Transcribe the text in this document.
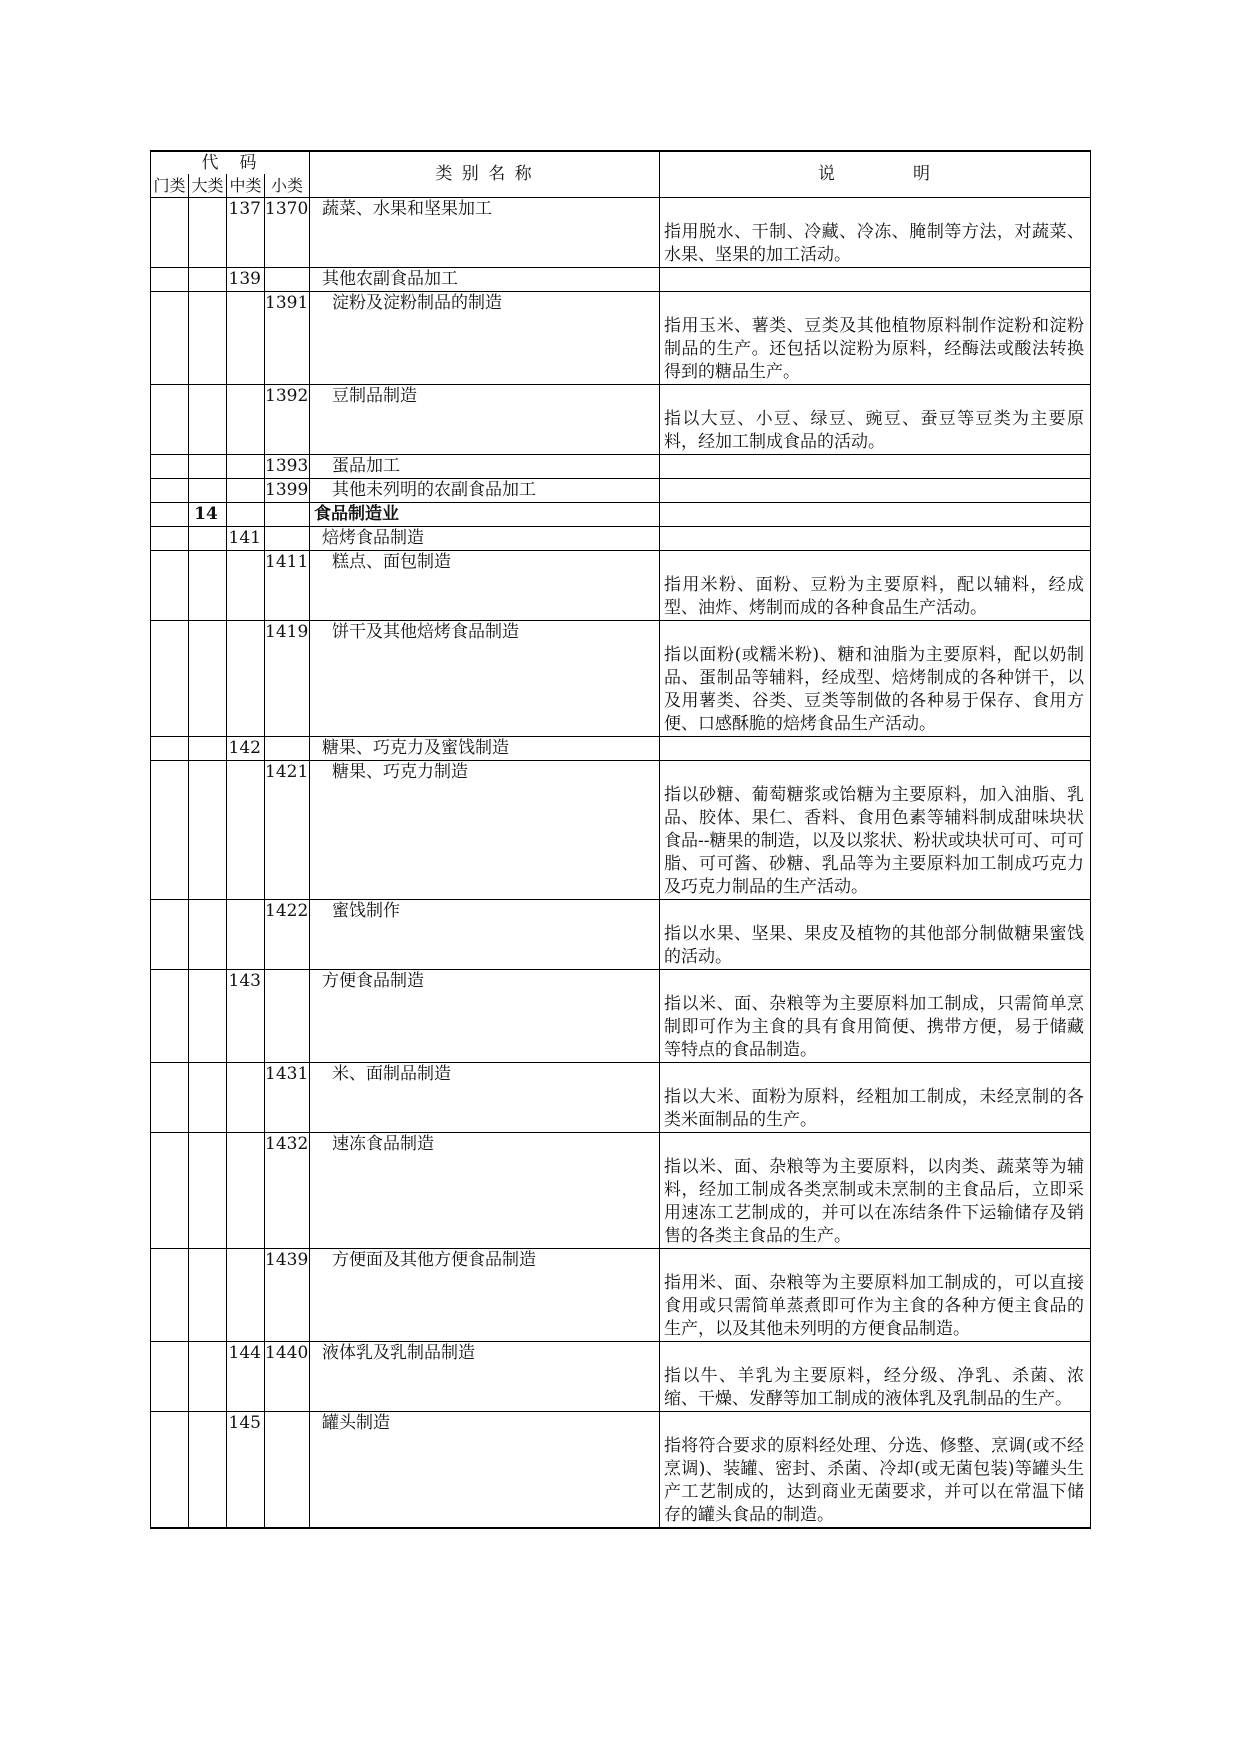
代　码				类 别 名 称	说　　　　明
门类	大类	中类	小类		
		137	1370	蔬菜、水果和坚果加工	指用脱水、干制、冷藏、冷冻、腌制等方法，对蔬菜、水果、坚果的加工活动。

		139		其他农副食品加工	
			1391	淀粉及淀粉制品的制造	指用玉米、薯类、豆类及其他植物原料制作淀粉和淀粉制品的生产。还包括以淀粉为原料，经酶法或酸法转换得到的糖品生产。

			1392	豆制品制造	指以大豆、小豆、绿豆、豌豆、蚕豆等豆类为主要原料，经加工制成食品的活动。

			1393	蛋品加工	
			1399	其他未列明的农副食品加工	
	14			食品制造业	
		141		焙烤食品制造	
			1411	糕点、面包制造	指用米粉、面粉、豆粉为主要原料，配以辅料，经成型、油炸、烤制而成的各种食品生产活动。

			1419	饼干及其他焙烤食品制造	指以面粉(或糯米粉)、糖和油脂为主要原料，配以奶制品、蛋制品等辅料，经成型、焙烤制成的各种饼干，以及用薯类、谷类、豆类等制做的各种易于保存、食用方便、口感酥脆的焙烤食品生产活动。

		142		糖果、巧克力及蜜饯制造	
			1421	糖果、巧克力制造	指以砂糖、葡萄糖浆或饴糖为主要原料，加入油脂、乳品、胶体、果仁、香料、食用色素等辅料制成甜味块状食品--糖果的制造，以及以浆状、粉状或块状可可、可可脂、可可酱、砂糖、乳品等为主要原料加工制成巧克力及巧克力制品的生产活动。

			1422	蜜饯制作	指以水果、坚果、果皮及植物的其他部分制做糖果蜜饯的活动。

		143		方便食品制造	指以米、面、杂粮等为主要原料加工制成，只需简单烹制即可作为主食的具有食用简便、携带方便，易于储藏等特点的食品制造。

			1431	米、面制品制造	指以大米、面粉为原料，经粗加工制成，未经烹制的各类米面制品的生产。

			1432	速冻食品制造	指以米、面、杂粮等为主要原料，以肉类、蔬菜等为辅料，经加工制成各类烹制或未烹制的主食品后，立即采用速冻工艺制成的，并可以在冻结条件下运输储存及销售的各类主食品的生产。

			1439	方便面及其他方便食品制造	指用米、面、杂粮等为主要原料加工制成的，可以直接食用或只需简单蒸煮即可作为主食的各种方便主食品的生产，以及其他未列明的方便食品制造。

		144	1440	液体乳及乳制品制造	指以牛、羊乳为主要原料，经分级、净乳、杀菌、浓缩、干燥、发酵等加工制成的液体乳及乳制品的生产。

		145		罐头制造	指将符合要求的原料经处理、分选、修整、烹调(或不经烹调)、装罐、密封、杀菌、冷却(或无菌包装)等罐头生产工艺制成的，达到商业无菌要求，并可以在常温下储存的罐头食品的制造。
